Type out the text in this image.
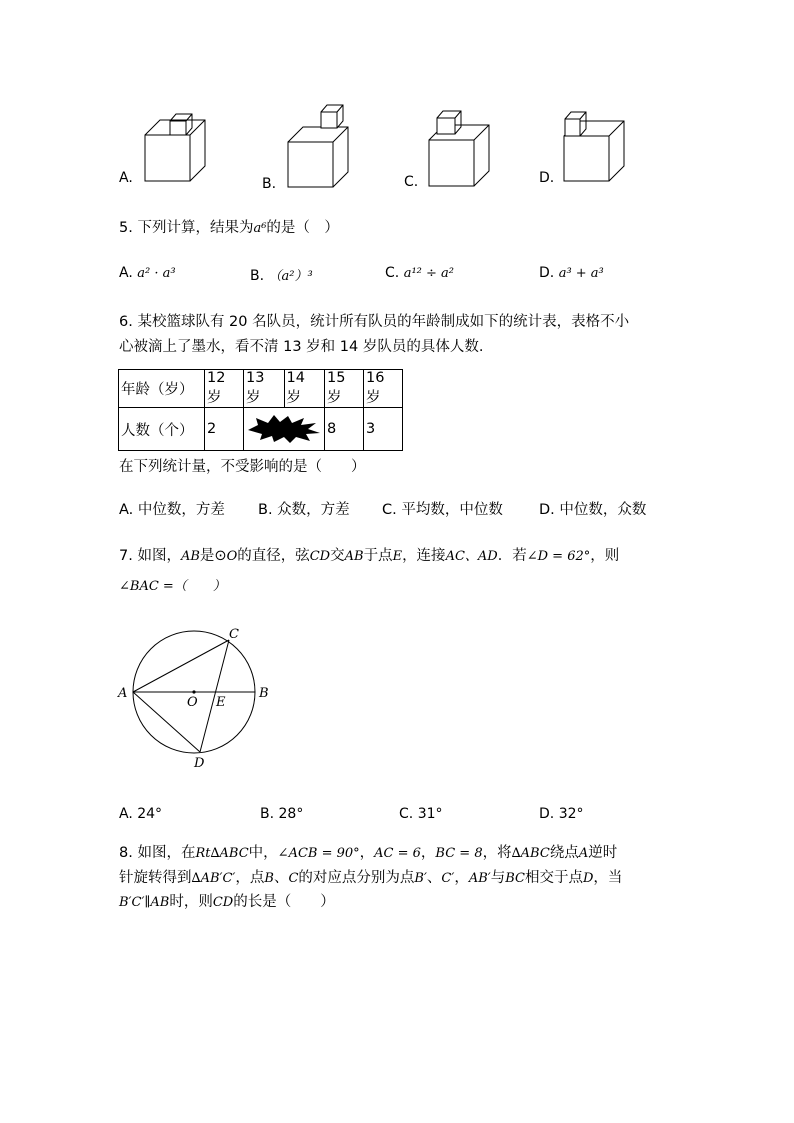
A.	B.	C.	D.
5. 下列计算，结果为a⁶的是（　）
A. a² · a³	B. （a²）³	C. a¹² ÷ a²	D. a³ + a³
6. 某校篮球队有 20 名队员，统计所有队员的年龄制成如下的统计表，表格不小
心被滴上了墨水，看不清 13 岁和 14 岁队员的具体人数.
年龄（岁）	12 岁	13 岁	14 岁	15 岁	16 岁
人数（个）	2			8	3
在下列统计量，不受影响的是（　　）
A. 中位数，方差 B. 众数，方差 C. 平均数，中位数 D. 中位数，众数
7. 如图，AB是⊙O的直径，弦CD交AB于点E，连接AC、AD．若∠D = 62°，则
∠BAC =（　　）
A	B
C
D
O E
A. 24°	B. 28°	C. 31°	D. 32°
8. 如图，在Rt∆ABC中，∠ACB = 90°，AC = 6，BC = 8，将∆ABC绕点A逆时
针旋转得到∆AB′C′，点B、C的对应点分别为点B′、C′，AB′与BC相交于点D，当
B′C′∥AB时，则CD的长是（　　）
